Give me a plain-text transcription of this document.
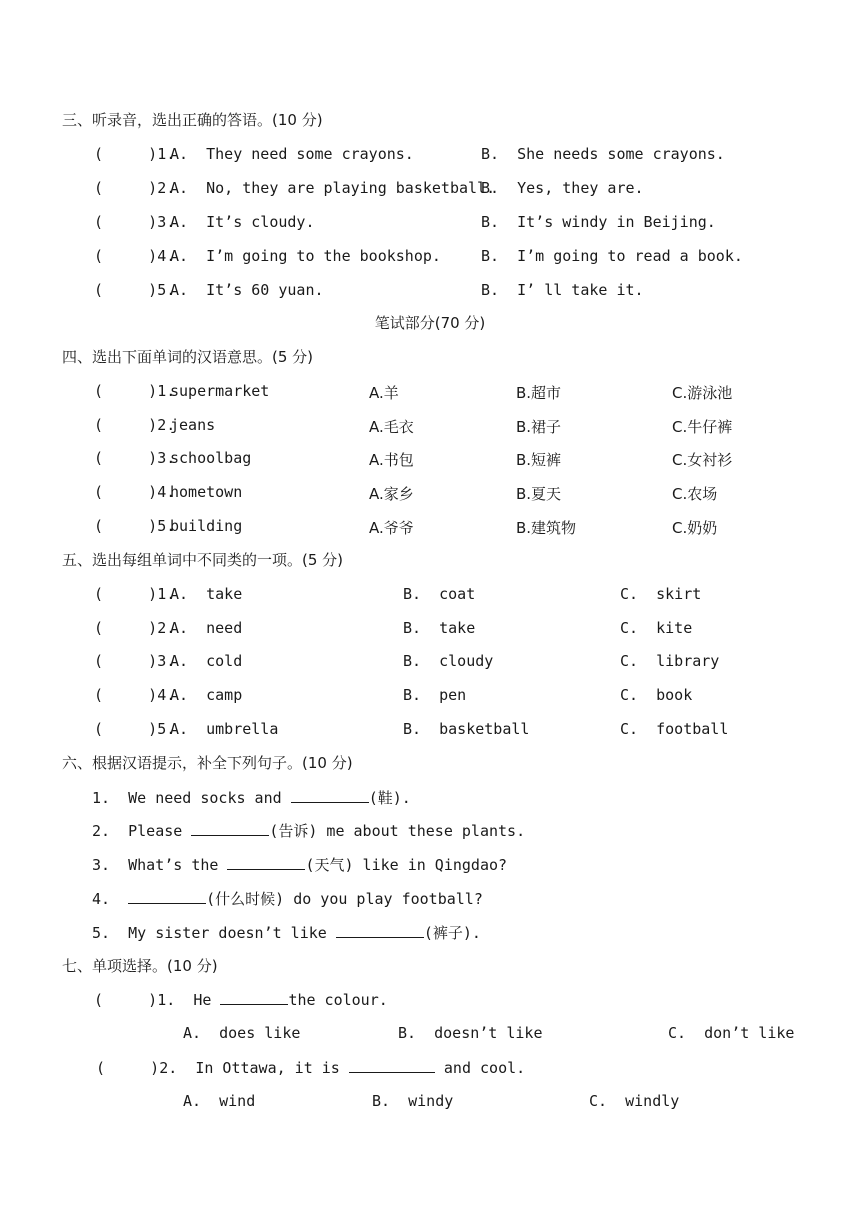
三、听录音，选出正确的答语。(10 分)
(     )1.
A.  They need some crayons.	B.  She needs some crayons.
(     )2.
A.  No, they are playing basketball.
B.  Yes, they are.
(     )3.
A.  It’s cloudy.	B.  It’s windy in Beijing.
(     )4.
A.  I’m going to the bookshop.	B.  I’m going to read a book.
(     )5.
A.  It’s 60 yuan.	B.  I’ ll take it.
笔试部分(70 分)
四、选出下面单词的汉语意思。(5 分)
(     )1.
supermarket	A.羊	B.超市	C.游泳池
(     )2.
jeans	A.毛衣	B.裙子	C.牛仔裤
(     )3.
schoolbag	A.书包	B.短裤	C.女衬衫
(     )4.
hometown	A.家乡	B.夏天	C.农场
(     )5.
building	A.爷爷	B.建筑物	C.奶奶
五、选出每组单词中不同类的一项。(5 分)
(     )1.
A.  take	B.  coat	C.  skirt
(     )2.
A.  need	B.  take	C.  kite
(     )3.
A.  cold	B.  cloudy	C.  library
(     )4.
A.  camp	B.  pen	C.  book
(     )5.
A.  umbrella	B.  basketball	C.  football
六、根据汉语提示，补全下列句子。(10 分)
1.  We need socks and	(鞋).
2.  Please	(告诉) me about these plants.
3.  What’s the	(天气) like in Qingdao?
4.	(什么时候) do you play football?
5.  My sister doesn’t like	(裤子).
七、单项选择。(10 分)
(     )1.  He	the colour.
A.  does like	B.  doesn’t like	C.  don’t like
(     )2.  In Ottawa, it is	and cool.
A.  wind	B.  windy	C.  windly
